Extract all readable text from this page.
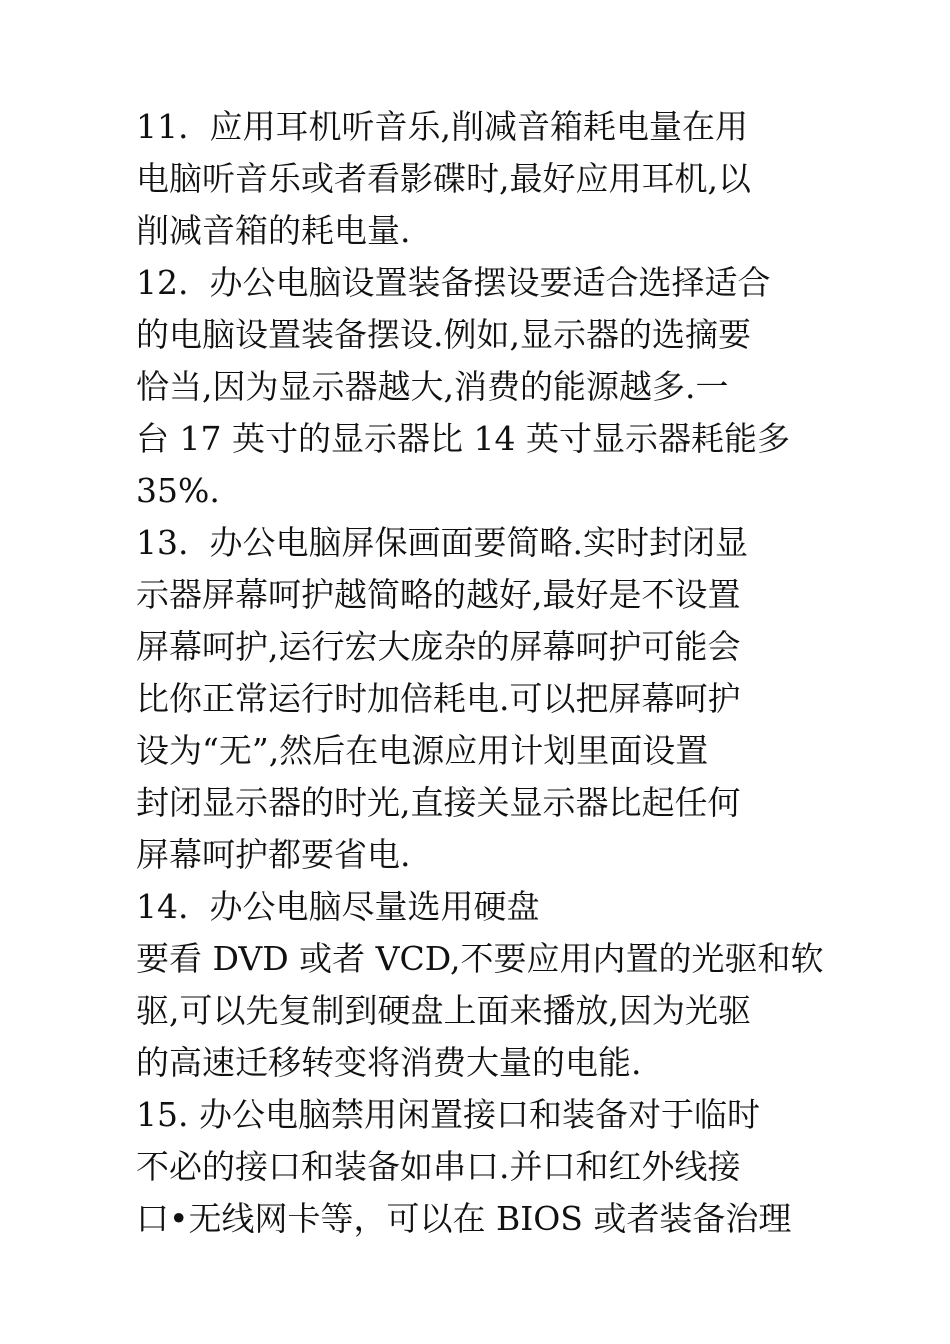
11.  应用耳机听音乐,削减音箱耗电量在用
电脑听音乐或者看影碟时,最好应用耳机,以
削减音箱的耗电量.
12.  办公电脑设置装备摆设要适合选择适合
的电脑设置装备摆设.例如,显示器的选摘要
恰当,因为显示器越大,消费的能源越多.一
台 17 英寸的显示器比 14 英寸显示器耗能多
35%.
13.  办公电脑屏保画面要简略.实时封闭显
示器屏幕呵护越简略的越好,最好是不设置
屏幕呵护,运行宏大庞杂的屏幕呵护可能会
比你正常运行时加倍耗电.可以把屏幕呵护
设为“无”,然后在电源应用计划里面设置
封闭显示器的时光,直接关显示器比起任何
屏幕呵护都要省电.
14.  办公电脑尽量选用硬盘
要看 DVD 或者 VCD,不要应用内置的光驱和软
驱,可以先复制到硬盘上面来播放,因为光驱
的高速迁移转变将消费大量的电能.
15. 办公电脑禁用闲置接口和装备对于临时
不必的接口和装备如串口.并口和红外线接
口•无线网卡等，可以在 BIOS 或者装备治理
